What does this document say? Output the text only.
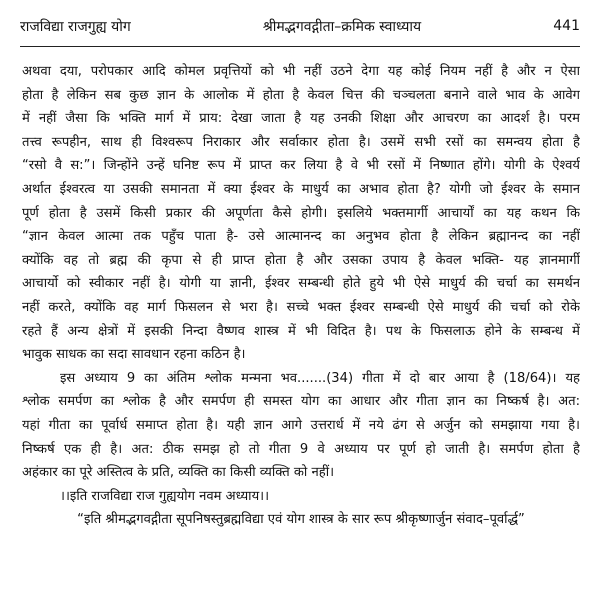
राजविद्या राजगुह्य योग	श्रीमद्भगवद्गीता–क्रमिक स्वाध्याय	441
अथवा दया, परोपकार आदि कोमल प्रवृत्तियों को भी नहीं उठने देगा यह कोई नियम नहीं है और न ऐसा
होता है लेकिन सब कुछ ज्ञान के आलोक में होता है केवल चित्त की चञ्चलता बनाने वाले भाव के आवेग
में नहीं जैसा कि भक्ति मार्ग में प्राय: देखा जाता है यह उनकी शिक्षा और आचरण का आदर्श है। परम
तत्त्व रूपहीन, साथ ही विश्वरूप निराकार और सर्वाकार होता है। उसमें सभी रसों का समन्वय होता है
“रसो वै स:”। जिन्होंने उन्हें घनिष्ट रूप में प्राप्त कर लिया है वे भी रसों में निष्णात होंगे। योगी के ऐश्वर्य
अर्थात ईश्वरत्व या उसकी समानता में क्या ईश्वर के माधुर्य का अभाव होता है? योगी जो ईश्वर के समान
पूर्ण होता है उसमें किसी प्रकार की अपूर्णता कैसे होगी। इसलिये भक्तमार्गी आचार्यों का यह कथन कि
“ज्ञान केवल आत्मा तक पहुँच पाता है- उसे आत्मानन्द का अनुभव होता है लेकिन ब्रह्मानन्द का नहीं
क्योंकि वह तो ब्रह्म की कृपा से ही प्राप्त होता है और उसका उपाय है केवल भक्ति- यह ज्ञानमार्गी
आचार्यो को स्वीकार नहीं है। योगी या ज्ञानी, ईश्वर सम्बन्धी होते हुये भी ऐसे माधुर्य की चर्चा का समर्थन
नहीं करते, क्योंकि वह मार्ग फिसलन से भरा है। सच्चे भक्त ईश्वर सम्बन्धी ऐसे माधुर्य की चर्चा को रोके
रहते हैं अन्य क्षेत्रों में इसकी निन्दा वैष्णव शास्त्र में भी विदित है। पथ के फिसलाऊ होने के सम्बन्ध में
भावुक साधक का सदा सावधान रहना कठिन है।
इस अध्याय 9 का अंतिम श्लोक मन्मना भव.......(34) गीता में दो बार आया है (18/64)। यह
श्लोक समर्पण का श्लोक है और समर्पण ही समस्त योग का आधार और गीता ज्ञान का निष्कर्ष है। अत:
यहां गीता का पूर्वार्ध समाप्त होता है। यही ज्ञान आगे उत्तरार्ध में नये ढंग से अर्जुन को समझाया गया है।
निष्कर्ष एक ही है। अत: ठीक समझ हो तो गीता 9 वे अध्याय पर पूर्ण हो जाती है। समर्पण होता है
अहंकार का पूरे अस्तित्व के प्रति, व्यक्ति का किसी व्यक्ति को नहीं।
।।इति राजविद्या राज गुह्ययोग नवम अध्याय।।
“इति श्रीमद्भगवद्गीता सूपनिषस्तुब्रह्मविद्या एवं योग शास्त्र के सार रूप श्रीकृष्णार्जुन संवाद–पूर्वार्द्ध”
